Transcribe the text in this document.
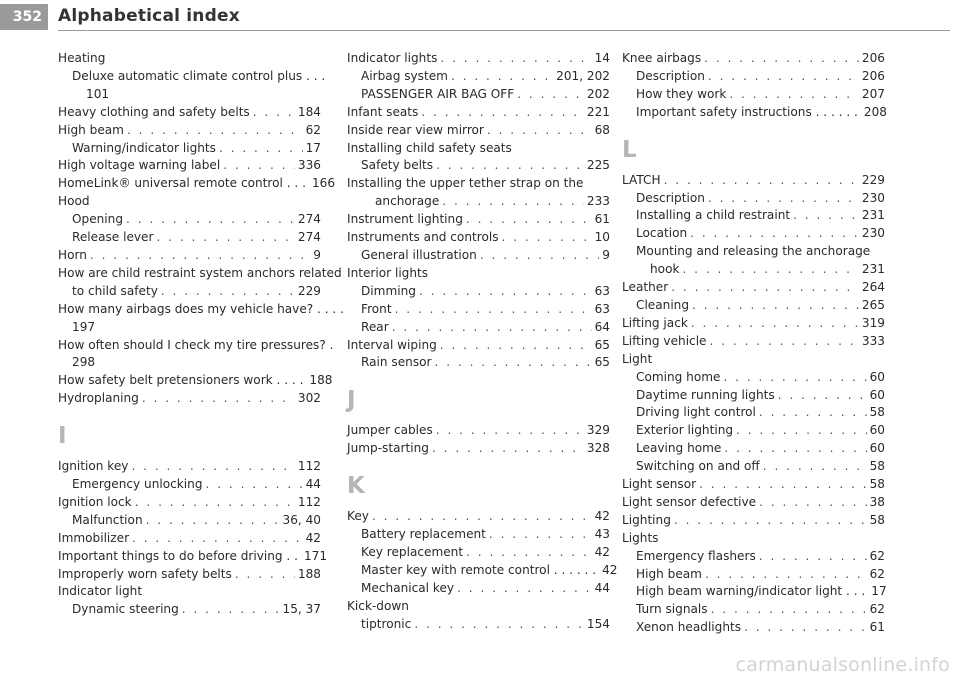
352 Alphabetical index
Heating
Deluxe automatic climate control plus . . .
101
Heavy clothing and safety belts . . .	184
High beam . . .	62
Warning/indicator lights . . .	17
High voltage warning label . . .	336
HomeLink® universal remote control . . . 166
Hood
Opening . . .	274
Release lever . . .	274
Horn . . .	9
How are child restraint system anchors related
to child safety . . .	229
How many airbags does my vehicle have? . . . .
197
How often should I check my tire pressures? .
298
How safety belt pretensioners work . . . . 188
Hydroplaning . . .	302
I
Ignition key . . .	112
Emergency unlocking . . .	44
Ignition lock . . .	112
Malfunction . . .	36, 40
Immobilizer . . .	42
Important things to do before driving . . 171
Improperly worn safety belts . . .	188
Indicator light
Dynamic steering . . .	15, 37
Indicator lights . . .	14
Airbag system . . .	201, 202
PASSENGER AIR BAG OFF . . .	202
Infant seats . . .	221
Inside rear view mirror . . .	68
Installing child safety seats
Safety belts . . .	225
Installing the upper tether strap on the
anchorage . . .	233
Instrument lighting . . .	61
Instruments and controls . . .	10
General illustration . . .	9
Interior lights
Dimming . . .	63
Front . . .	63
Rear . . .	64
Interval wiping . . .	65
Rain sensor . . .	65
J
Jumper cables . . .	329
Jump-starting . . .	328
K
Key . . .	42
Battery replacement . . .	43
Key replacement . . .	42
Master key with remote control . . . . . . 42
Mechanical key . . .	44
Kick-down
tiptronic . . .	154
Knee airbags . . .	206
Description . . .	206
How they work . . .	207
Important safety instructions . . . . . . 208
L
LATCH . . .	229
Description . . .	230
Installing a child restraint . . .	231
Location . . .	230
Mounting and releasing the anchorage
hook . . .	231
Leather . . .	264
Cleaning . . .	265
Lifting jack . . .	319
Lifting vehicle . . .	333
Light
Coming home . . .	60
Daytime running lights . . .	60
Driving light control . . .	58
Exterior lighting . . .	60
Leaving home . . .	60
Switching on and off . . .	58
Light sensor . . .	58
Light sensor defective . . .	38
Lighting . . .	58
Lights
Emergency flashers . . .	62
High beam . . .	62
High beam warning/indicator light . . . 17
Turn signals . . .	62
Xenon headlights . . .	61
carmanualsonline.info
